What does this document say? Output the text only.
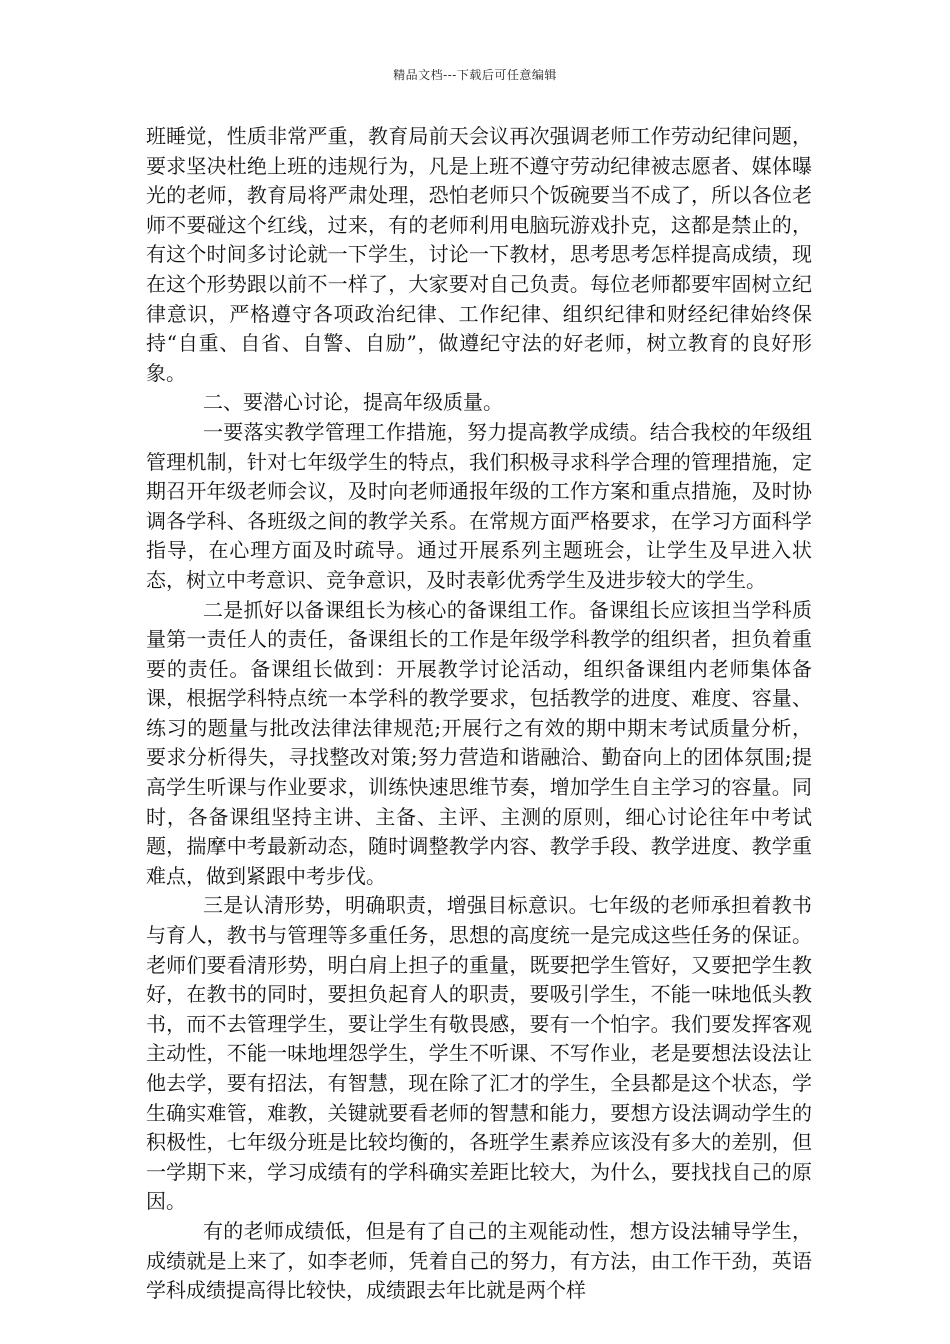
精品文档---下载后可任意编辑

班睡觉，性质非常严重，教育局前天会议再次强调老师工作劳动纪律问题，要求坚决杜绝上班的违规行为，凡是上班不遵守劳动纪律被志愿者、媒体曝光的老师，教育局将严肃处理，恐怕老师只个饭碗要当不成了，所以各位老师不要碰这个红线，过来，有的老师利用电脑玩游戏扑克，这都是禁止的，有这个时间多讨论就一下学生，讨论一下教材，思考思考怎样提高成绩，现在这个形势跟以前不一样了，大家要对自己负责。每位老师都要牢固树立纪律意识，严格遵守各项政治纪律、工作纪律、组织纪律和财经纪律始终保持“自重、自省、自警、自励”，做遵纪守法的好老师，树立教育的良好形象。

二、要潜心讨论，提高年级质量。

一要落实教学管理工作措施，努力提高教学成绩。结合我校的年级组管理机制，针对七年级学生的特点，我们积极寻求科学合理的管理措施，定期召开年级老师会议，及时向老师通报年级的工作方案和重点措施，及时协调各学科、各班级之间的教学关系。在常规方面严格要求，在学习方面科学指导，在心理方面及时疏导。通过开展系列主题班会，让学生及早进入状态，树立中考意识、竞争意识，及时表彰优秀学生及进步较大的学生。

二是抓好以备课组长为核心的备课组工作。备课组长应该担当学科质量第一责任人的责任，备课组长的工作是年级学科教学的组织者，担负着重要的责任。备课组长做到：开展教学讨论活动，组织备课组内老师集体备课，根据学科特点统一本学科的教学要求，包括教学的进度、难度、容量、练习的题量与批改法律法律规范;开展行之有效的期中期末考试质量分析，要求分析得失，寻找整改对策;努力营造和谐融洽、勤奋向上的团体氛围;提高学生听课与作业要求，训练快速思维节奏，增加学生自主学习的容量。同时，各备课组坚持主讲、主备、主评、主测的原则，细心讨论往年中考试题，揣摩中考最新动态，随时调整教学内容、教学手段、教学进度、教学重难点，做到紧跟中考步伐。

三是认清形势，明确职责，增强目标意识。七年级的老师承担着教书与育人，教书与管理等多重任务，思想的高度统一是完成这些任务的保证。老师们要看清形势，明白肩上担子的重量，既要把学生管好，又要把学生教好，在教书的同时，要担负起育人的职责，要吸引学生，不能一味地低头教书，而不去管理学生，要让学生有敬畏感，要有一个怕字。我们要发挥客观主动性，不能一味地埋怨学生，学生不听课、不写作业，老是要想法设法让他去学，要有招法，有智慧，现在除了汇才的学生，全县都是这个状态，学生确实难管，难教，关键就要看老师的智慧和能力，要想方设法调动学生的积极性，七年级分班是比较均衡的，各班学生素养应该没有多大的差别，但一学期下来，学习成绩有的学科确实差距比较大，为什么，要找找自己的原因。

有的老师成绩低，但是有了自己的主观能动性，想方设法辅导学生，成绩就是上来了，如李老师，凭着自己的努力，有方法，由工作干劲，英语学科成绩提高得比较快，成绩跟去年比就是两个样
